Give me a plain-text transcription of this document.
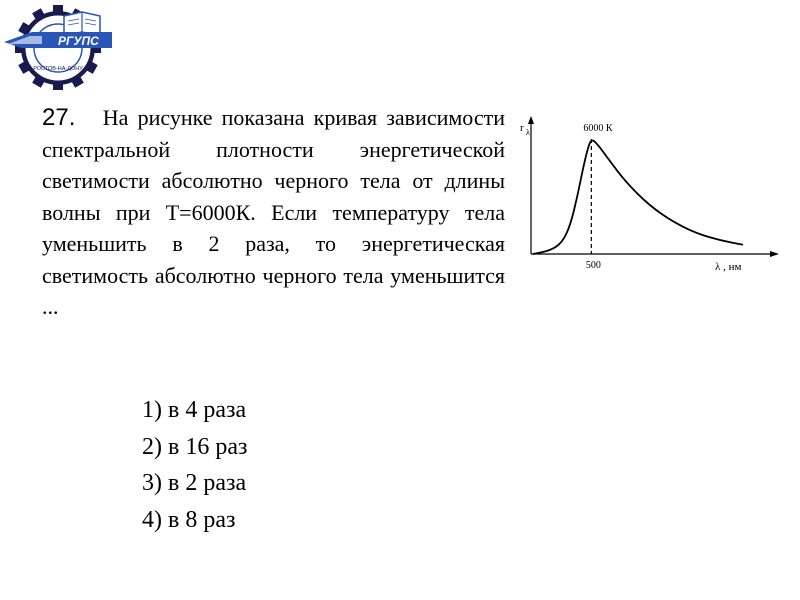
РГУПС
РОСТОВ-НА-ДОНУ

27. На рисунке показана кривая зависимости спектральной плотности энергетической светимости абсолютно черного тела от длины волны при Т=6000К. Если температуру тела уменьшить в 2 раза, то энергетическая светимость абсолютно черного тела уменьшится ...

r λ	6000 К
500	λ , нм
1) в 4 раза
2) в 16 раз
3) в 2 раза
4) в 8 раз
